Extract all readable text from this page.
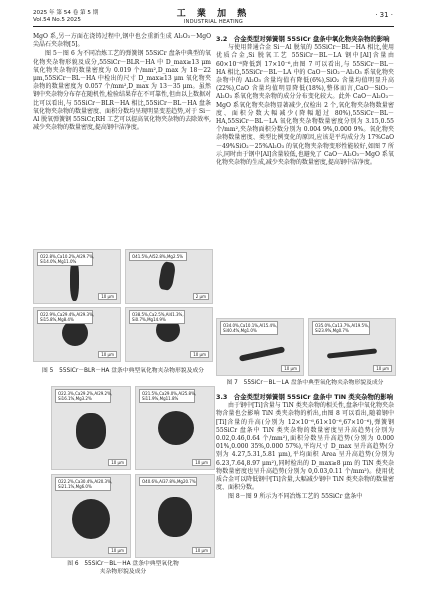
2025 年 第 54 卷 第 5 期
Vol.54 No.5 2025
工 業 加 熱
INDUSTRIAL HEATING
· 31 ·

MgO 系,另一方面在浇铸过程中,钢中也会重新生成 Al₂O₃－MgO 尖晶石夹杂物[5]。

图 5－图 6 为不同冶炼工艺的弹簧钢 55SiCr 盘条中典型的氧化物夹杂物形貌及成分,55SiCr－BLR－HA 中 D_max≥13 μm 氧化物夹杂物的数量密度为 0.019 个/mm²,D_max 为 18－22 μm,55SiCr－BL－HA 中检出的尺寸 D_max≥13 μm 氧化物夹杂物的数量密度为 0.057 个/mm²,D_max 为 13－35 μm。虽然钢中夹杂物分布存在随机性,检验结果存在不可靠性,但由以上数据对比可以看出,与 55SiCr－BLR－HA 相比,55SiCr－BL－HA 盘条氧化物夹杂物的数量密度、面积分数均呈现明显变差趋势,对于 Si－Al 脱氧弹簧钢 55SiCr,RH 工艺可以提高氧化物夹杂物的去除效率,减少夹杂物的数量密度,提高钢中洁净度。

O22.8%,Ca10.2%,Al29.7%, Si14.0%,Mg11.0%
10 μm
O41.5%,Al52.8%,Mg2.5%
2 μm
O22.9%,Ca29.4%,Al29.3%, Si15.8%,Mg8.4%
10 μm
O38.5%,Ca2.5%,Al41.3%, Si0.7%,Mg14.9%
10 μm
图 5　55SiCr－BLR－HA 盘条中典型氧化物夹杂物形貌及成分
O22.3%,Ca29.2%,Al29.2%, Si16.1%,Mg3.2%
10 μm
O21.5%,Ca29.0%,Al25.8%, Si11.9%,Mg11.8%
10 μm
O22.2%,Ca30.4%,Al20.3%, Si21.1%,Mg6.0%
10 μm
O40.6%,Al37.8%,Mg20.7%
10 μm
图 6　55SiCr－BL－HA 盘条中典型氧化物
夹杂物形貌及成分
3.2　合金类型对弹簧钢 55SiCr 盘条中氧化物夹杂物的影响

与使用普通合金 Si－Al 脱氧的 55SiCr－BL－HA 相比,使用优质合金,Si 脱氧工艺 55SiCr－BL－LA 钢中[Al]含量由 60×10⁻⁶降低到 17×10⁻⁶,由图 7 可以看出,与 55SiCr－BL－HA 相比,55SiCr－BL－LA 中的 CaO－SiO₂－Al₂O₃ 系氧化物夹杂物中的 Al₂O₃ 含量均值有降低(6%),SiO₂ 含量均值明显升高(22%),CaO 含量均值明显降低(18%),整体而言,CaO－SiO₂－Al₂O₃ 系氧化物夹杂物的成分分布变化较大。此外 CaO－Al₂O₃－MgO 系氧化物夹杂物显著减少,仅检出 2 个,氧化物夹杂物数量密度、面积分数大幅减少(降幅超过 80%),55SiCr－BL－HA,55SiCr－BL－LA 氧化物夹杂物数量密度分别为 3.15,0.55 个/mm²,夹杂物面积分数分别为 0.004 9%,0.000 9%。氧化物夹杂物数量密度、类型比例变化的原因,应该是平均成分为 17%CaO－49%SiO₂－25%Al₂O₃ 的氧化物夹杂物变形性能较好,如图 7 所示,同时由于钢中[Al]含量较低,也避免了 CaO－Al₂O₃－MgO 系氧化物夹杂物的生成,减少夹杂物的数量密度,提高钢中洁净度。

O34.0%,Ca10.1%,Al15.4%, Si40.4%,Mg1.0%
10 μm
O35.0%,Ca13.7%,Al19.5%, Si23.9%,Mg0.7%
10 μm
图 7　55SiCr－BL－LA 盘条中典型氧化物夹杂物形貌及成分
3.3　合金类型对弹簧钢 55SiCr 盘条中 TiN 类夹杂物的影响

由于钢中[Ti]含量与 TiN 类夹杂物的相关性,盘条中氧化物夹杂物含量也会影响 TiN 类夹杂物的析出,由图 8 可以看出,随着钢中[Ti]含量的升高(分别为 12×10⁻⁶,61×10⁻⁶,67×10⁻⁶),弹簧钢 55SiCr 盘条中 TiN 类夹杂物的数量密度呈升高趋势(分别为 0.02,0.46,0.64 个/mm²),面积分数呈升高趋势(分别为 0.000 01%,0.000 35%,0.000 57%),平均尺寸 D_max 呈升高趋势(分别为 4.27,5.31,5.81 μm),平均面积 Area 呈升高趋势(分别为 6.23,7.64,8.97 μm²),同时检出的 D_max≥8 μm 的 TiN 类夹杂物数量密度也呈升高趋势(分别为 0,0.03,0.11 个/mm²)。使用优质合金可以降低钢中[Ti]含量,大幅减少钢中 TiN 类夹杂物的数量密度、面积分数。

图 8－图 9 所示为不同冶炼工艺的 55SiCr 盘条中
